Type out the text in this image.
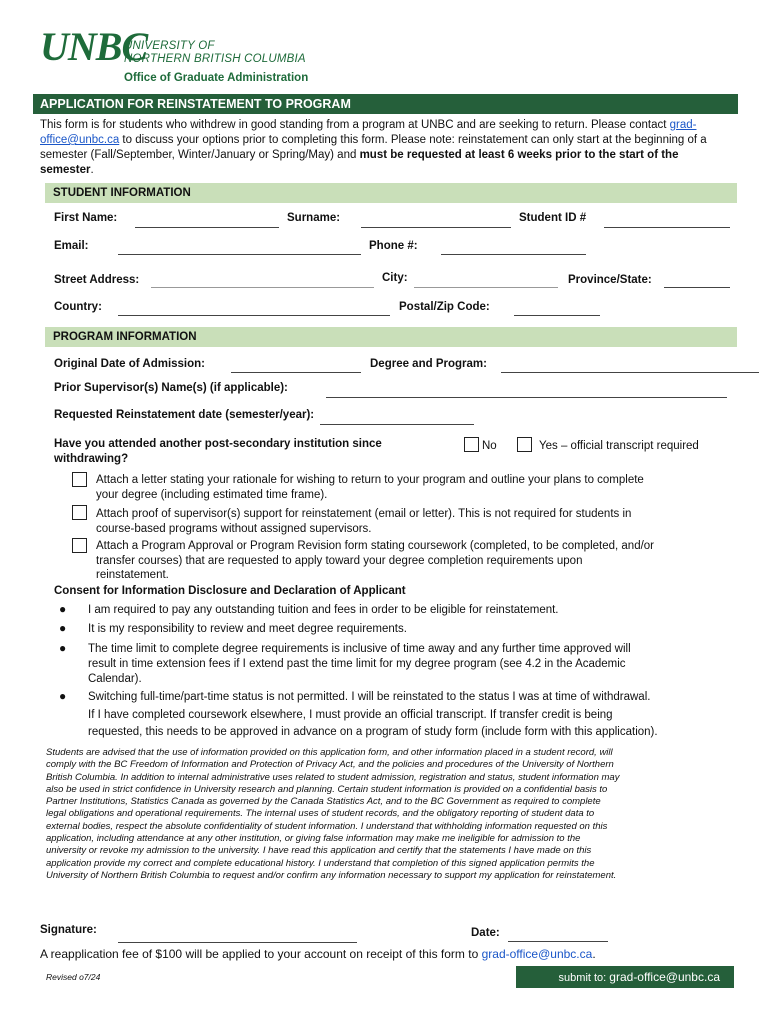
UNBC
UNIVERSITY OF
NORTHERN BRITISH COLUMBIA
Office of Graduate Administration
APPLICATION FOR REINSTATEMENT TO PROGRAM
This form is for students who withdrew in good standing from a program at UNBC and are seeking to return. Please contact grad-office@unbc.ca to discuss your options prior to completing this form. Please note: reinstatement can only start at the beginning of a semester (Fall/September, Winter/January or Spring/May) and must be requested at least 6 weeks prior to the start of the semester.
STUDENT INFORMATION
First Name:	Surname:	Student ID #
Email:	Phone #:
Street Address:	City:	Province/State:
Country:	Postal/Zip Code:
PROGRAM INFORMATION
Original Date of Admission:	Degree and Program:
Prior Supervisor(s) Name(s) (if applicable):
Requested Reinstatement date (semester/year):
Have you attended another post-secondary institution since
withdrawing?
No	Yes – official transcript required
Attach a letter stating your rationale for wishing to return to your program and outline your plans to complete
your degree (including estimated time frame).
Attach proof of supervisor(s) support for reinstatement (email or letter). This is not required for students in
course-based programs without assigned supervisors.
Attach a Program Approval or Program Revision form stating coursework (completed, to be completed, and/or
transfer courses) that are requested to apply toward your degree completion requirements upon
reinstatement.
Consent for Information Disclosure and Declaration of Applicant
● I am required to pay any outstanding tuition and fees in order to be eligible for reinstatement.
● It is my responsibility to review and meet degree requirements.
● The time limit to complete degree requirements is inclusive of time away and any further time approved will
result in time extension fees if I extend past the time limit for my degree program (see 4.2 in the Academic
Calendar).
● Switching full-time/part-time status is not permitted. I will be reinstated to the status I was at time of withdrawal.
If I have completed coursework elsewhere, I must provide an official transcript. If transfer credit is being
requested, this needs to be approved in advance on a program of study form (include form with this application).
Students are advised that the use of information provided on this application form, and other information placed in a student record, will
comply with the BC Freedom of Information and Protection of Privacy Act, and the policies and procedures of the University of Northern
British Columbia. In addition to internal administrative uses related to student admission, registration and status, student information may
also be used in strict confidence in University research and planning. Certain student information is provided on a confidential basis to
Partner Institutions, Statistics Canada as governed by the Canada Statistics Act, and to the BC Government as required to complete
legal obligations and operational requirements. The internal uses of student records, and the obligatory reporting of student data to
external bodies, respect the absolute confidentiality of student information. I understand that withholding information requested on this
application, including attendance at any other institution, or giving false information may make me ineligible for admission to the
university or revoke my admission to the university. I have read this application and certify that the statements I have made on this
application provide my correct and complete educational history. I understand that completion of this signed application permits the
University of Northern British Columbia to request and/or confirm any information necessary to support my application for reinstatement.
Signature:	Date:
A reapplication fee of $100 will be applied to your account on receipt of this form to grad-office@unbc.ca.
Revised o7/24	submit to: grad-office@unbc.ca
